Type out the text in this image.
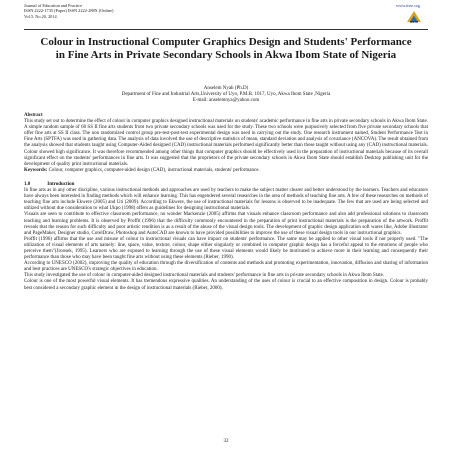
Journal of Education and Practice
ISSN 2222-1735 (Paper) ISSN 2222-288X (Online)
Vol.5, No.20, 2014
www.iiste.org
IISTE
Colour in Instructional Computer Graphics Design and Students' Performance in Fine Arts in Private Secondary Schools in Akwa Ibom State of Nigeria
Anselem Nyah (Ph.D)
Department of Fine and Industrial Arts,University of Uyo, P.M.B. 1017, Uyo, Akwa Ibom State ,Nigeria
E-mail: anselemnya@yahoo.com
Abstract

This study set out to determine the effect of colour in computer graphics designed instructional materials on students' academic performance in fine arts in private secondary schools in Akwa Ibom State. A simple random sample of 60 SS II fine arts students from two private secondary schools was used for the study. These two schools were purposively selected from five private secondary schools that offer fine arts at SS II class. The non randomized control group pre-test-post-test experimental design was used in carrying out the study. One research instrument named, Student Performance Test in Fine Arts (SPTFA) was used in gathering data. The analysis of data involved the use of descriptive statistics of mean, standard deviation and analysis of covariance (ANCOVA). The result obtained from the analysis showed that students taught using Computer-Aided designed (CAD) instructional materials performed significantly better than those taught without using any (CAD) instructional materials. Colour showed high significance. It was therefore recommended among other things that computer graphics should be effectively used in the preparation of instructional materials because of its overall significant effect on the students' performances in fine arts. It was suggested that the proprietors of the private secondary schools in Akwa Ibom State should establish Desktop publishing unit for the development of quality print instructional materials.

Keywords: Colour, computer graphics, computer-aided design (CAD), instructional materials, students' performance.

1.0	Introduction

In fine arts as in any other discipline, various instructional methods and approaches are used by teachers to make the subject matter clearer and better understood by the learners. Teachers and educators have always been interested in finding methods which will enhance learning. This has engendered several researches in the area of methods of teaching fine arts. A few of these researches on methods of teaching fine arts include Ekwere (2005) and Uti (2009). According to Ekwere, the use of instructional materials for lessons is observed to be inadequate. The few that are used are being selected and utilized without due consideration to what Ukpo (1998) offers as guidelines for designing instructional materials.

Visuals are seen to contribute to effective classroom performance, no wonder Mackenzie (2005) affirms that visuals enhance classroom performance and also add professional solutions to classroom teaching and learning problems. It is observed by Proffit (1996) that the difficulty commonly encountered in the preparation of print instructional materials is the preparation of the artwork. Proffit reveals that the reason for such difficulty and poor artistic rendition is as a result of the abuse of the visual design tools. The development of graphic design application soft wares like, Adobe illustrator and PageMaker, Designer studio, CorelDraw, Photoshop and AutoCAD are known to have provided possibilities to improve the use of these visual design tools in our instructional graphics.

Proffit (1996) affirms that the use and misuse of colour in instructional visuals can have impact on students' performance. The same may be applied to other visual tools if not properly used. "The utilization of visual elements of arts namely: line, space, value, texture, colour, shape either singularly or combined in computer graphic design has a forceful appeal to the emotions of people who perceive them"(Jroosek, 1995). Learners who are exposed to learning through the use of these visual elements would likely be motivated to achieve more in their learning and consequently their performance than those who may have been taught fine arts without using these elements (Rieber, 1990).

According to UNESCO (2002), improving the quality of education through the diversification of contents and methods and promoting experimentation, innovation, diffusion and sharing of information and best practices are UNESCO's strategic objectives in education.

This study investigated the use of colour in computer-aided designed instructional materials and students' performance in fine arts in private secondary schools in Akwa Ibom State.

Colour is one of the most powerful visual elements. It has tremendous expressive qualities. An understanding of the uses of colour is crucial to an effective composition in design. Colour is probably best considered a secondary graphic element in the design of instructional materials (Rieber, 2000).

32
